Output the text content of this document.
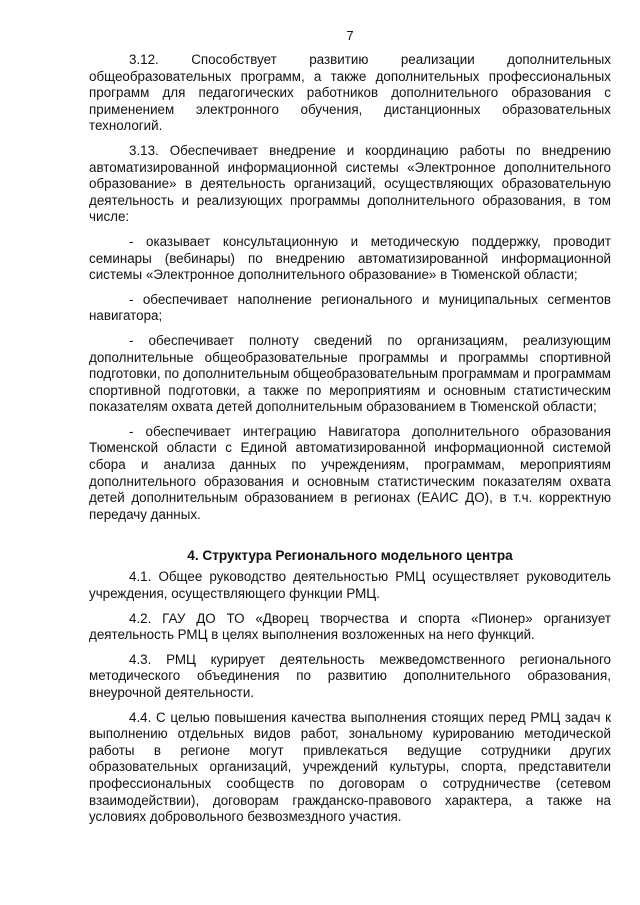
7

3.12. Способствует развитию реализации дополнительных общеобразовательных программ, а также дополнительных профессиональных программ для педагогических работников дополнительного образования с применением электронного обучения, дистанционных образовательных технологий.

3.13. Обеспечивает внедрение и координацию работы по внедрению автоматизированной информационной системы «Электронное дополнительного образование» в деятельность организаций, осуществляющих образовательную деятельность и реализующих программы дополнительного образования, в том числе:

- оказывает консультационную и методическую поддержку, проводит семинары (вебинары) по внедрению автоматизированной информационной системы «Электронное дополнительного образование» в Тюменской области;

- обеспечивает наполнение регионального и муниципальных сегментов навигатора;

- обеспечивает полноту сведений по организациям, реализующим дополнительные общеобразовательные программы и программы спортивной подготовки, по дополнительным общеобразовательным программам и программам спортивной подготовки, а также по мероприятиям и основным статистическим показателям охвата детей дополнительным образованием в Тюменской области;

- обеспечивает интеграцию Навигатора дополнительного образования Тюменской области с Единой автоматизированной информационной системой сбора и анализа данных по учреждениям, программам, мероприятиям дополнительного образования и основным статистическим показателям охвата детей дополнительным образованием в регионах (ЕАИС ДО), в т.ч. корректную передачу данных.

4. Структура Регионального модельного центра

4.1. Общее руководство деятельностью РМЦ осуществляет руководитель учреждения, осуществляющего функции РМЦ.

4.2. ГАУ ДО ТО «Дворец творчества и спорта «Пионер» организует деятельность РМЦ в целях выполнения возложенных на него функций.

4.3. РМЦ курирует деятельность межведомственного регионального методического объединения по развитию дополнительного образования, внеурочной деятельности.

4.4. С целью повышения качества выполнения стоящих перед РМЦ задач к выполнению отдельных видов работ, зональному курированию методической работы в регионе могут привлекаться ведущие сотрудники других образовательных организаций, учреждений культуры, спорта, представители профессиональных сообществ по договорам о сотрудничестве (сетевом взаимодействии), договорам гражданско-правового характера, а также на условиях добровольного безвозмездного участия.
